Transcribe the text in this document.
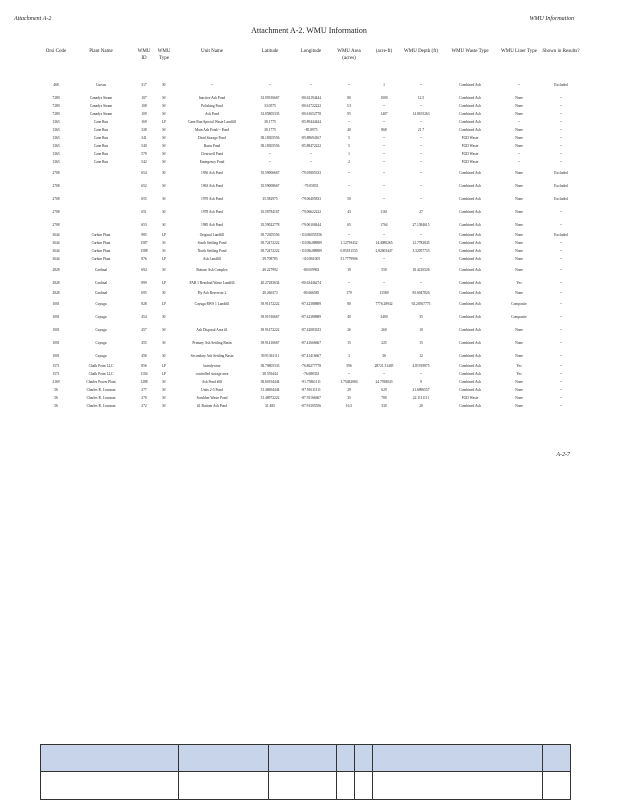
Attachment A-2	WMU Information
Attachment A-2. WMU Information
Orsi Code	Plant Name	WMU ID	WMU Type	Unit Name	Latitude	Longitude	WMU Area (acres)	(acre-ft)	WMU Depth (ft)	WMU Waste Type	WMU Liner Type	Shown in Results?
468	Cursus	317	SI	--	--	--	--	1	--	Combined Ash	--	Excluded
7280	Canadys Steam	107	SI	Inactive Ash Pond	33.05916667	-80.62194444	80	1000	12.5	Combined Ash	None	--
7280	Canadys Steam	108	SI	Polishing Pond	33.0575	-80.61722222	3.5	--	--	Combined Ash	None	--
7280	Canadys Steam	109	SI	Ash Pond	33.05805333	-80.61652778	95	1407	14.8105263	Combined Ash	None	--
1363	Cane Run	169	LF	Cane Run Special Waste Landfill	38.1775	-85.89444444	--	--	--	Combined Ash	--	--
1363	Cane Run	338	SI	Main Ash Pond/-- Pond	38.1775	-85.8975	40	868	21.7	Combined Ash	None	--
1363	Cane Run	341	SI	Dead Storage Pond	38.18305556	-85.88694167	5	--	--	FGD Waste	None	--
1363	Cane Run	540	SI	Basin Pond	38.18305556	-85.88472222	5	--	--	FGD Waste	None	--
1363	Cane Run	579	SI	Clearwell Pond	--	--	1	--	--	FGD Waste	--	--
1363	Cane Run	542	SI	Emergency Pond	--	--	2	--	--	FGD Waste	--	--
2708		654	SI	1956 Ash Pond	35.59006667	-79.05805333	--	--	--	Combined Ash	None	Excluded
2708		652	SI	1963 Ash Pond	35.59008667	-79.05833	--	--	--	Combined Ash	None	Excluded
2708		655	SI	1970 Ash Pond	35.582975	-79.06405833	50	--	--	Combined Ash	None	Excluded
2708		651	SI	1978 Ash Pond	35.58784167	-79.06622222	43	1161	27	Combined Ash	None	--
2708		653	SI	1985 Ash Pond	35.59022778	-79.06108444	65	1764	27.1384615	Combined Ash	None	--
3644	Carbon Plant	985	LF	Original Landfill	39.72305556	-110.86055556	--	--	--	Combined Ash	None	Excluded
3644	Carbon Plant	1587	SI	South Settling Pond	39.72472222	-110.86288889	1.12759432	14.4080265	12.7782845	Combined Ash	None	--
3644	Carbon Plant	1588	SI	North Settling Pond	39.72472222	-110.86288889	0.85181535	2.82603447	3.32057733	Combined Ash	None	--
3644	Carbon Plant	876	LF	Ash Landfill	39.708785	-110.861005	51.7779906	--	--	Combined Ash	None	--
2828	Cardinal	694	SI	Bottom Ash Complex	40.227992	-80.659963	19	550	18.4210526	Combined Ash	None	--
2828	Cardinal	899	LF	FAR 1 Residual Waste Landfill	40.27283634	-80.63446274	--	--	--	Combined Ash	Yes	--
2828	Cardinal	695	SI	Fly Ash Reservoir 2	40.266373	-80.666585	179	13580	83.6947826	Combined Ash	None	--
1001	Cayuga	828	LF	Cayuga RWS 1 Landfill	39.91472222	-87.42388889	80	7776.28942	92.20567775	Combined Ash	Composite	--
1001	Cayuga	454	SI		39.91916667	-87.42388889	40	3400	35	Combined Ash	Composite	--
1001	Cayuga	457	SI	Ash Disposal Area #1	39.91472222	-87.42083333	26	260	10	Combined Ash	None	--
1001	Cayuga	455	SI	Primary Ash Settling Basin	39.91416667	-87.41666667	15	225	15	Combined Ash	None	--
1001	Cayuga	456	SI	Secondary Ash Settling Basin	39.91361111	-87.41416667	3	36	12	Combined Ash	None	--
1571	Chalk Point LLC	856	LF	brandywine	38.70805333	-76.86277778	596	28721.31405	4.81919875	Combined Ash	Yes	--
1571	Chalk Point LLC	1104	LF	controlled storage area	38.559444	-76.688333	--	--	--	Combined Ash	Yes	--
2169	Charles Power Plant	1288	SI	Ash Pond #65	38.60194444	-91.75861111	3.75482084	24.7938043	9	Combined Ash	None	--
56	Charles R. Lowman	277	SI	Units 2-3 Pond	31.48694444	-87.91611111	29	629	21.6896557	Combined Ash	None	--
56	Charles R. Lowman	270	SI	Scrubber Waste Pond	31.48972222	-87.91166667	35	780	22.1111111	FGD Waste	None	--
56	Charles R. Lowman	272	SI	#1 Bottom Ash Pond	31.485	-87.91305556	16.5	330	20	Combined Ash	None	--
A-2-7
